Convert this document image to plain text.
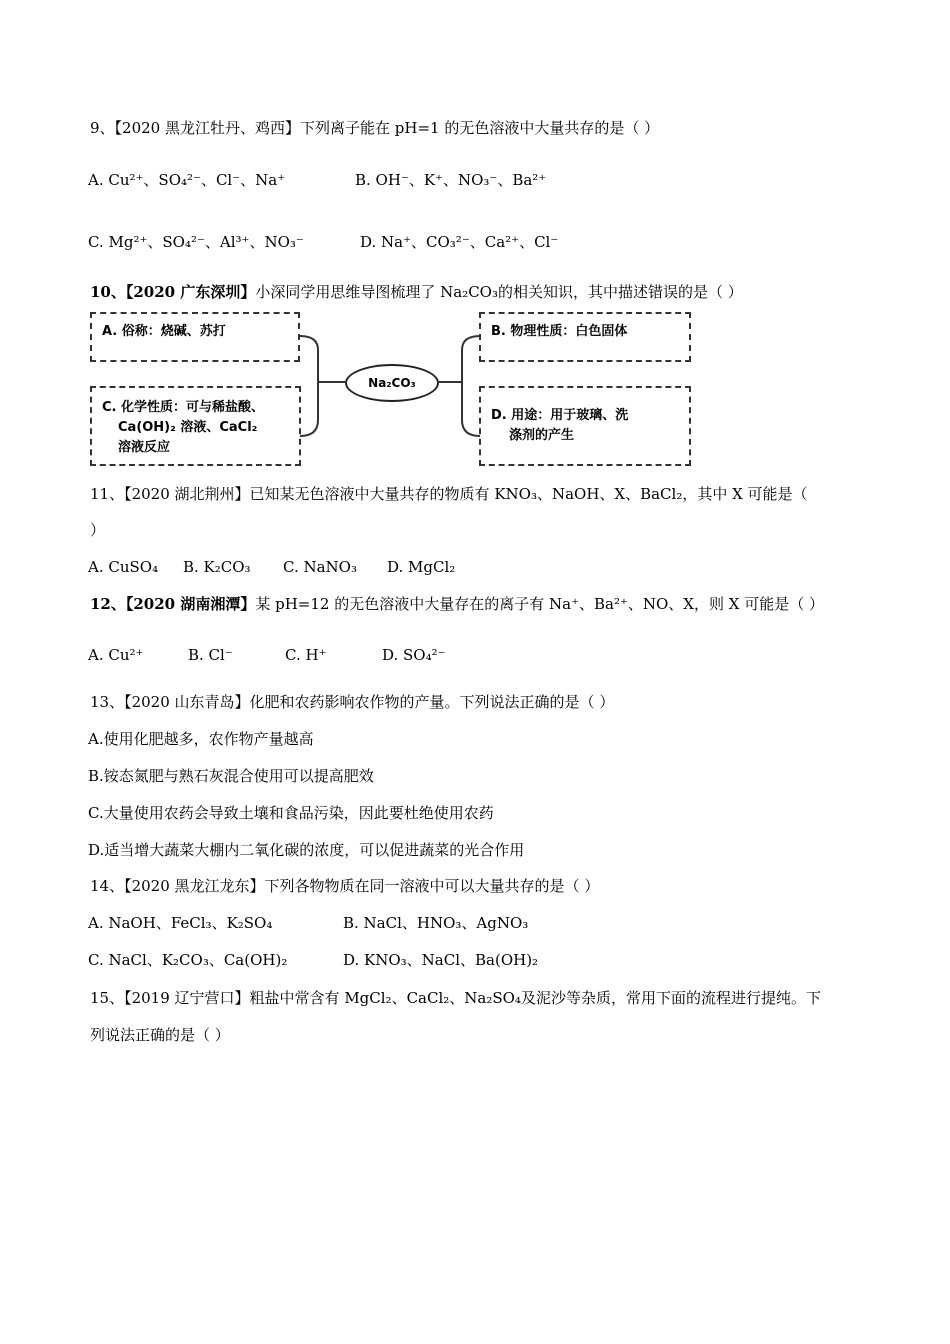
9、【2020 黑龙江牡丹、鸡西】下列离子能在 pH=1 的无色溶液中大量共存的是（ ）
A. Cu²⁺、SO₄²⁻、Cl⁻、Na⁺	B. OH⁻、K⁺、NO₃⁻、Ba²⁺
C. Mg²⁺、SO₄²⁻、Al³⁺、NO₃⁻	D. Na⁺、CO₃²⁻、Ca²⁺、Cl⁻
10、【2020 广东深圳】小深同学用思维导图梳理了 Na₂CO₃的相关知识，其中描述错误的是（ ）
A. 俗称：烧碱、苏打
C. 化学性质：可与稀盐酸、
Ca(OH)₂ 溶液、CaCl₂
溶液反应
Na₂CO₃
B. 物理性质：白色固体
D. 用途：用于玻璃、洗
涤剂的产生
11、【2020 湖北荆州】已知某无色溶液中大量共存的物质有 KNO₃、NaOH、X、BaCl₂，其中 X 可能是（
）
A. CuSO₄ B. K₂CO₃ C. NaNO₃ D. MgCl₂
12、【2020 湖南湘潭】某 pH=12 的无色溶液中大量存在的离子有 Na⁺、Ba²⁺、NO、X，则 X 可能是（ ）
A. Cu²⁺	B. Cl⁻	C. H⁺	D. SO₄²⁻
13、【2020 山东青岛】化肥和农药影响农作物的产量。下列说法正确的是（ ）
A.使用化肥越多，农作物产量越高
B.铵态氮肥与熟石灰混合使用可以提高肥效
C.大量使用农药会导致土壤和食品污染，因此要杜绝使用农药
D.适当增大蔬菜大棚内二氧化碳的浓度，可以促进蔬菜的光合作用
14、【2020 黑龙江龙东】下列各物物质在同一溶液中可以大量共存的是（ ）
A. NaOH、FeCl₃、K₂SO₄	B. NaCl、HNO₃、AgNO₃
C. NaCl、K₂CO₃、Ca(OH)₂	D. KNO₃、NaCl、Ba(OH)₂
15、【2019 辽宁营口】粗盐中常含有 MgCl₂、CaCl₂、Na₂SO₄及泥沙等杂质，常用下面的流程进行提纯。下
列说法正确的是（ ）
